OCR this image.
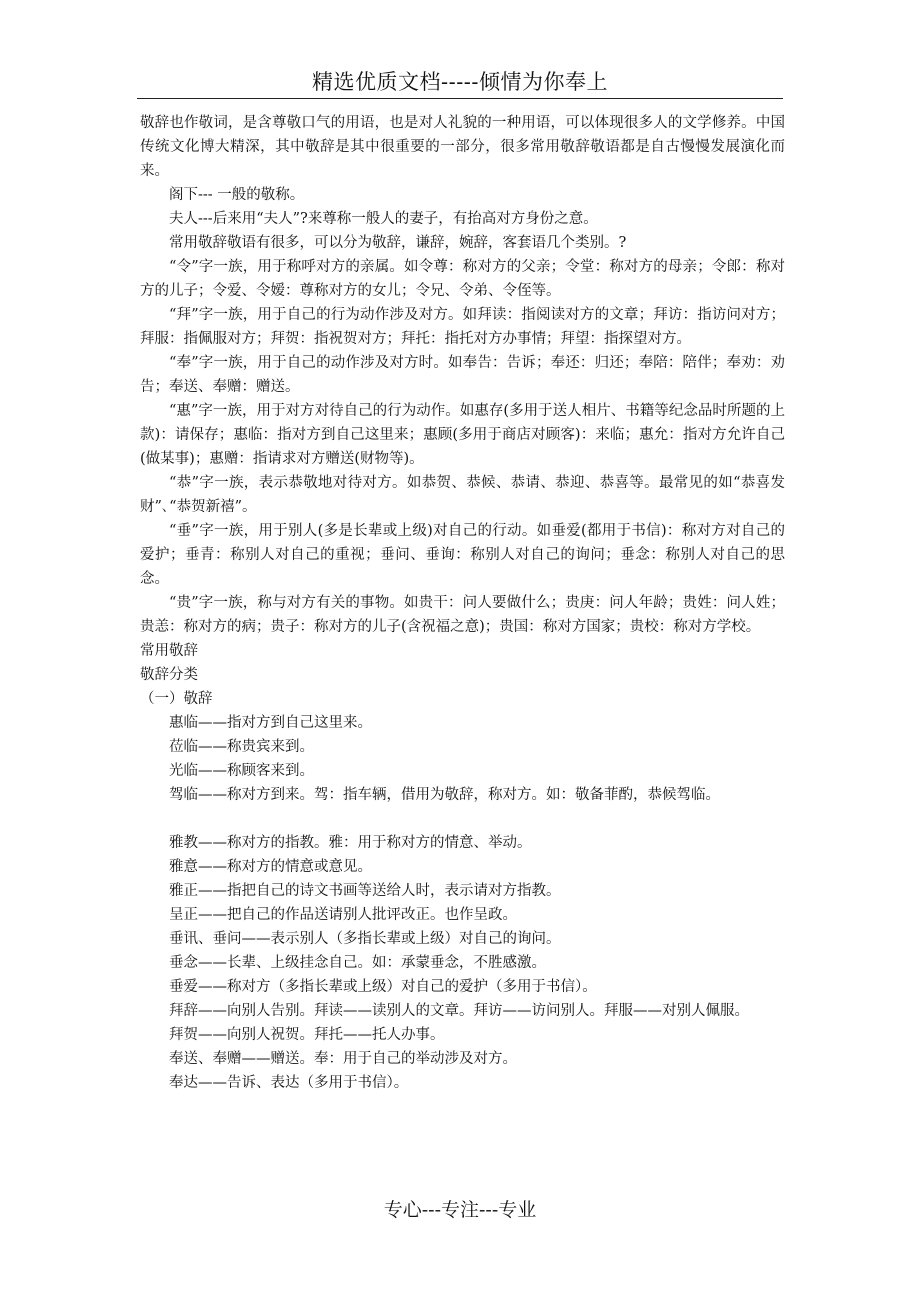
精选优质文档-----倾情为你奉上

敬辞也作敬词，是含尊敬口气的用语，也是对人礼貌的一种用语，可以体现很多人的文学修养。中国传统文化博大精深，其中敬辞是其中很重要的一部分，很多常用敬辞敬语都是自古慢慢发展演化而来。

阁下--- 一般的敬称。

夫人---后来用“夫人”?来尊称一般人的妻子，有抬高对方身份之意。

常用敬辞敬语有很多，可以分为敬辞，谦辞，婉辞，客套语几个类别。?

“令”字一族，用于称呼对方的亲属。如令尊：称对方的父亲；令堂：称对方的母亲；令郎：称对方的儿子；令爱、令嫒：尊称对方的女儿；令兄、令弟、令侄等。

“拜”字一族，用于自己的行为动作涉及对方。如拜读：指阅读对方的文章；拜访：指访问对方；拜服：指佩服对方；拜贺：指祝贺对方；拜托：指托对方办事情；拜望：指探望对方。

“奉”字一族，用于自己的动作涉及对方时。如奉告：告诉；奉还：归还；奉陪：陪伴；奉劝：劝告；奉送、奉赠：赠送。

“惠”字一族，用于对方对待自己的行为动作。如惠存(多用于送人相片、书籍等纪念品时所题的上款)：请保存；惠临：指对方到自己这里来；惠顾(多用于商店对顾客)：来临；惠允：指对方允许自己(做某事)；惠赠：指请求对方赠送(财物等)。

“恭”字一族，表示恭敬地对待对方。如恭贺、恭候、恭请、恭迎、恭喜等。最常见的如“恭喜发财”､“恭贺新禧”。

“垂”字一族，用于别人(多是长辈或上级)对自己的行动。如垂爱(都用于书信)：称对方对自己的爱护；垂青：称别人对自己的重视；垂问、垂询：称别人对自己的询问；垂念：称别人对自己的思念。

“贵”字一族，称与对方有关的事物。如贵干：问人要做什么；贵庚：问人年龄；贵姓：问人姓；贵恙：称对方的病；贵子：称对方的儿子(含祝福之意)；贵国：称对方国家；贵校：称对方学校。

常用敬辞

敬辞分类

（一）敬辞

惠临——指对方到自己这里来。

莅临——称贵宾来到。

光临——称顾客来到。

驾临——称对方到来。驾：指车辆，借用为敬辞，称对方。如：敬备菲酌，恭候驾临。

雅教——称对方的指教。雅：用于称对方的情意、举动。

雅意——称对方的情意或意见。

雅正——指把自己的诗文书画等送给人时，表示请对方指教。

呈正——把自己的作品送请别人批评改正。也作呈政。

垂讯、垂问——表示别人（多指长辈或上级）对自己的询问。

垂念——长辈、上级挂念自己。如：承蒙垂念，不胜感激。

垂爱——称对方（多指长辈或上级）对自己的爱护（多用于书信）。

拜辞——向别人告别。拜读——读别人的文章。拜访——访问别人。拜服——对别人佩服。

拜贺——向别人祝贺。拜托——托人办事。

奉送、奉赠——赠送。奉：用于自己的举动涉及对方。

奉达——告诉、表达（多用于书信）。

专心---专注---专业
